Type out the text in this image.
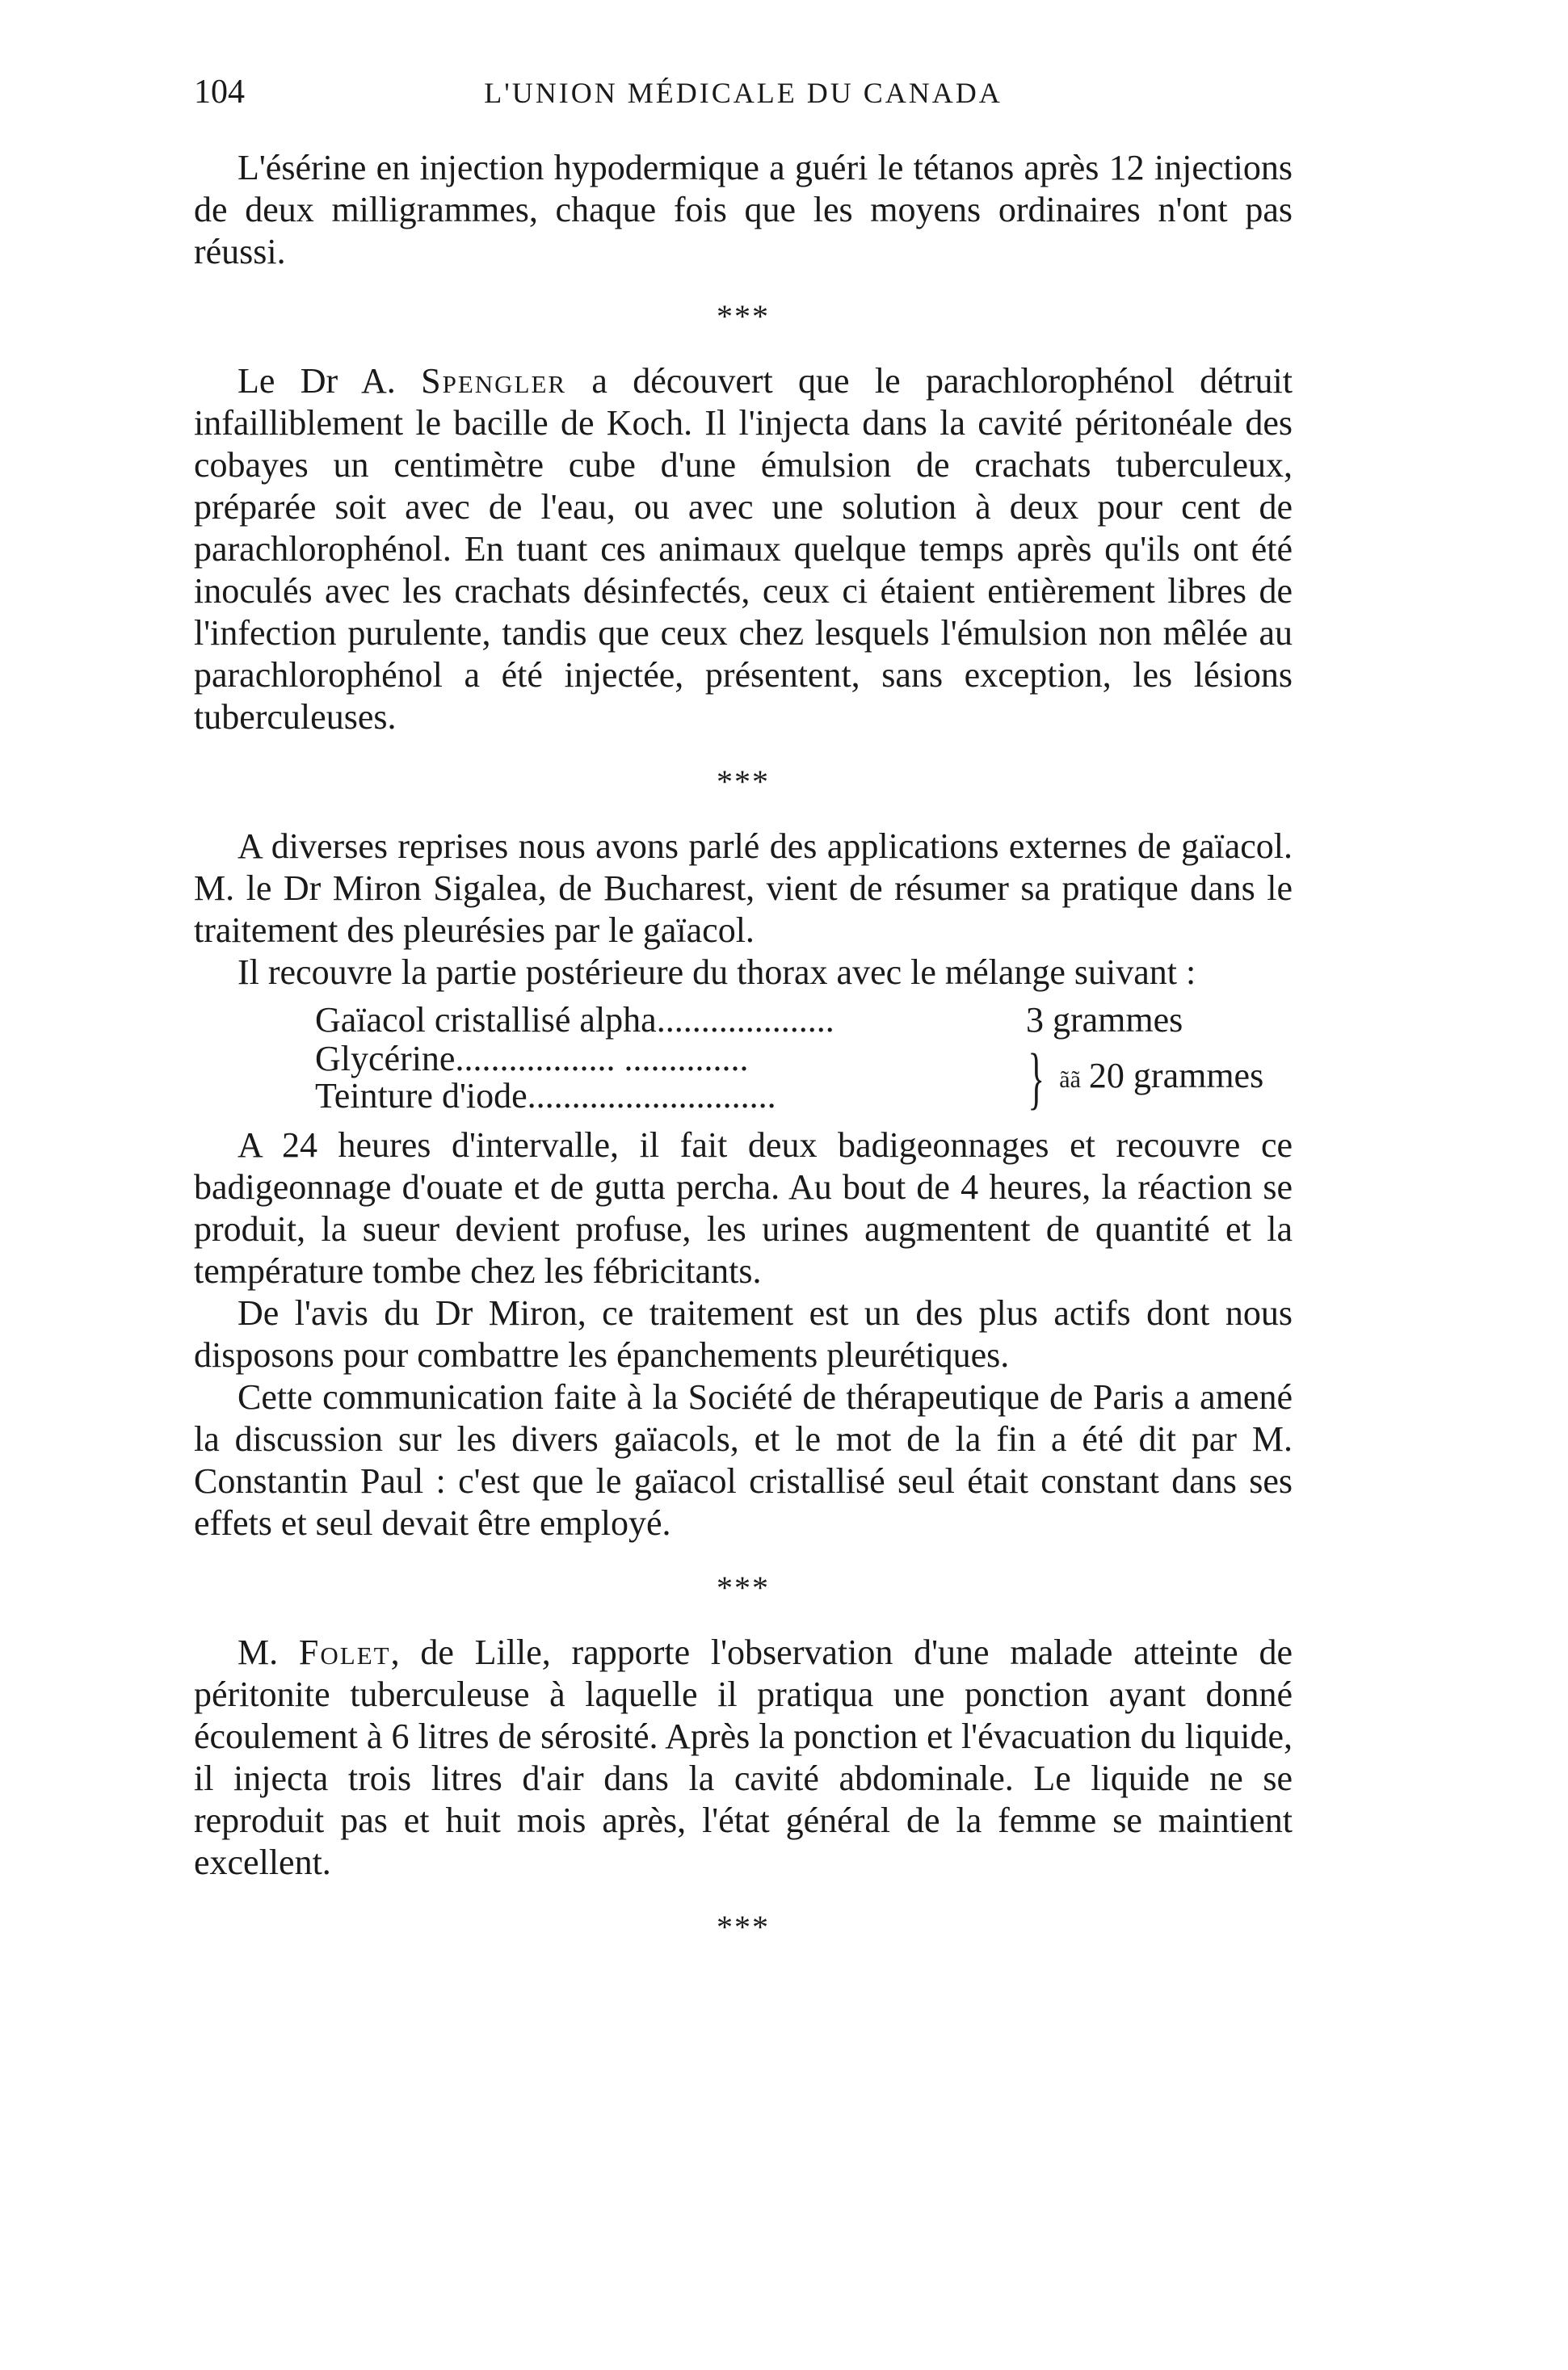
104	L'UNION MÉDICALE DU CANADA

L'ésérine en injection hypodermique a guéri le tétanos après 12 injections de deux milligrammes, chaque fois que les moyens ordinaires n'ont pas réussi.

***

Le Dr A. Spengler a découvert que le parachlorophénol détruit infailliblement le bacille de Koch. Il l'injecta dans la cavité péritonéale des cobayes un centimètre cube d'une émulsion de crachats tuberculeux, préparée soit avec de l'eau, ou avec une solution à deux pour cent de parachlorophénol. En tuant ces animaux quelque temps après qu'ils ont été inoculés avec les crachats désinfectés, ceux ci étaient entièrement libres de l'infection purulente, tandis que ceux chez lesquels l'émulsion non mêlée au parachlorophénol a été injectée, présentent, sans exception, les lésions tuberculeuses.

***

A diverses reprises nous avons parlé des applications externes de gaïacol. M. le Dr Miron Sigalea, de Bucharest, vient de résumer sa pratique dans le traitement des pleurésies par le gaïacol.

Il recouvre la partie postérieure du thorax avec le mélange suivant :

Gaïacol cristallisé alpha....................	3 grammes
Glycérine.................. ..............
Teinture d'iode............................	} ãã 20 grammes

A 24 heures d'intervalle, il fait deux badigeonnages et recouvre ce badigeonnage d'ouate et de gutta percha. Au bout de 4 heures, la réaction se produit, la sueur devient profuse, les urines augmentent de quantité et la température tombe chez les fébricitants.

De l'avis du Dr Miron, ce traitement est un des plus actifs dont nous disposons pour combattre les épanchements pleurétiques.

Cette communication faite à la Société de thérapeutique de Paris a amené la discussion sur les divers gaïacols, et le mot de la fin a été dit par M. Constantin Paul : c'est que le gaïacol cristallisé seul était constant dans ses effets et seul devait être employé.

***

M. Folet, de Lille, rapporte l'observation d'une malade atteinte de péritonite tuberculeuse à laquelle il pratiqua une ponction ayant donné écoulement à 6 litres de sérosité. Après la ponction et l'évacuation du liquide, il injecta trois litres d'air dans la cavité abdominale. Le liquide ne se reproduit pas et huit mois après, l'état général de la femme se maintient excellent.

***
